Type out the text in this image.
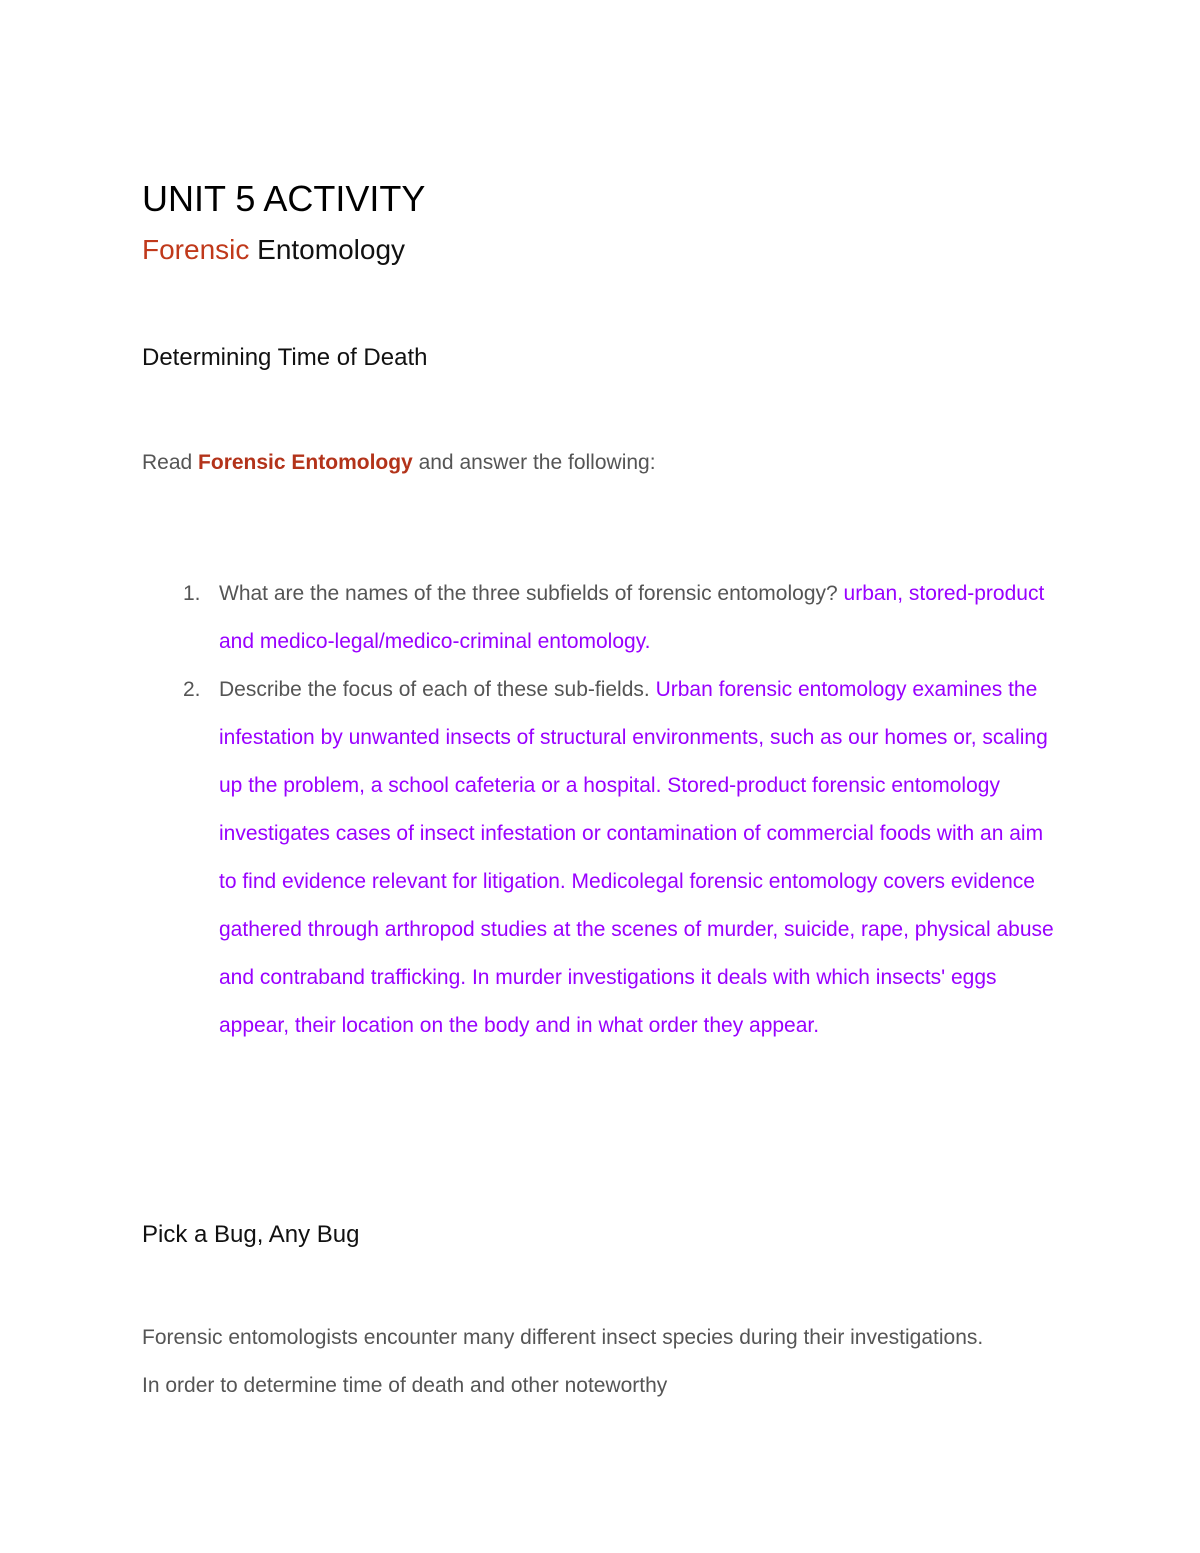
UNIT 5 ACTIVITY
Forensic Entomology
Determining Time of Death
Read Forensic Entomology and answer the following:
1. What are the names of the three subfields of forensic entomology? urban, stored-product and medico-legal/medico-criminal entomology.
2. Describe the focus of each of these sub-fields. Urban forensic entomology examines the infestation by unwanted insects of structural environments, such as our homes or, scaling up the problem, a school cafeteria or a hospital. Stored-product forensic entomology investigates cases of insect infestation or contamination of commercial foods with an aim to find evidence relevant for litigation. Medicolegal forensic entomology covers evidence gathered through arthropod studies at the scenes of murder, suicide, rape, physical abuse and contraband trafficking. In murder investigations it deals with which insects' eggs appear, their location on the body and in what order they appear.
Pick a Bug, Any Bug
Forensic entomologists encounter many different insect species during their investigations. In order to determine time of death and other noteworthy
